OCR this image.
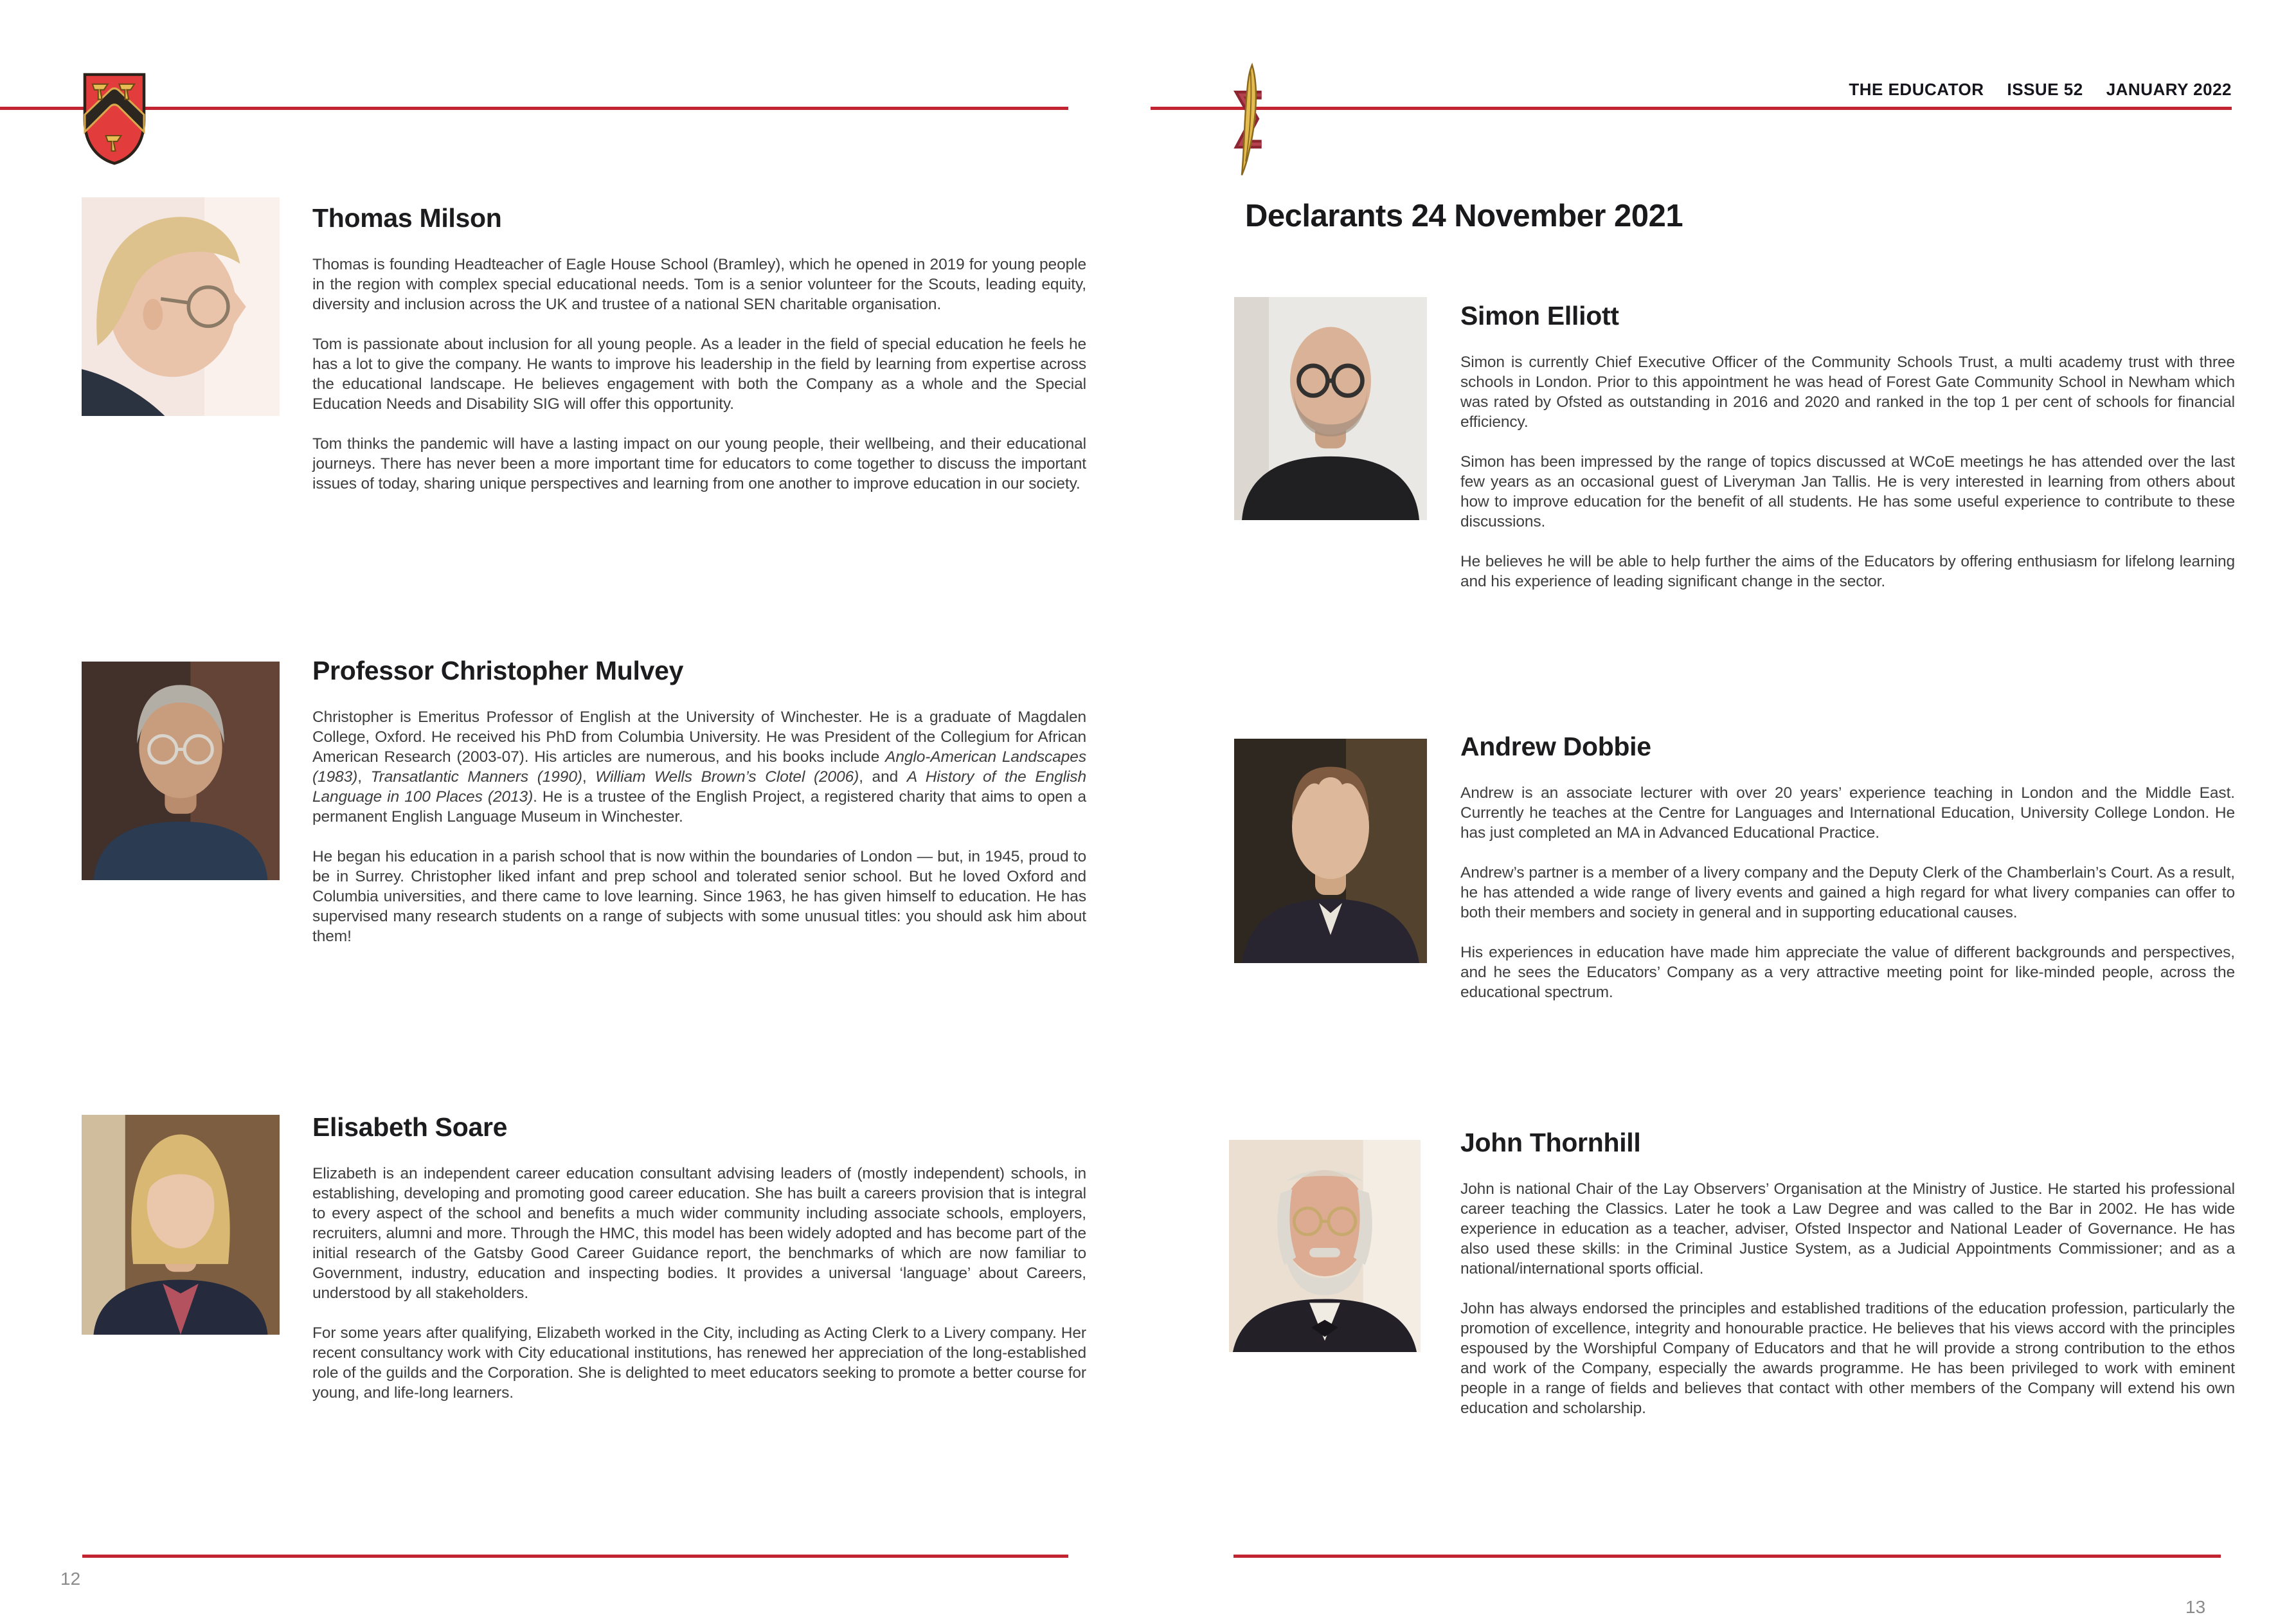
THE EDUCATOR ISSUE 52 JANUARY 2022
Thomas Milson

Thomas is founding Headteacher of Eagle House School (Bramley), which he opened in 2019 for young people in the region with complex special educational needs. Tom is a senior volunteer for the Scouts, leading equity, diversity and inclusion across the UK and trustee of a national SEN charitable organisation.

Tom is passionate about inclusion for all young people. As a leader in the field of special education he feels he has a lot to give the company. He wants to improve his leadership in the field by learning from expertise across the educational landscape. He believes engagement with both the Company as a whole and the Special Education Needs and Disability SIG will offer this opportunity.

Tom thinks the pandemic will have a lasting impact on our young people, their wellbeing, and their educational journeys. There has never been a more important time for educators to come together to discuss the important issues of today, sharing unique perspectives and learning from one another to improve education in our society.

Professor Christopher Mulvey

Christopher is Emeritus Professor of English at the University of Winchester. He is a graduate of Magdalen College, Oxford. He received his PhD from Columbia University. He was President of the Collegium for African American Research (2003-07). His articles are numerous, and his books include Anglo-American Landscapes (1983), Transatlantic Manners (1990), William Wells Brown’s Clotel (2006), and A History of the English Language in 100 Places (2013). He is a trustee of the English Project, a registered charity that aims to open a permanent English Language Museum in Winchester.

He began his education in a parish school that is now within the boundaries of London — but, in 1945, proud to be in Surrey. Christopher liked infant and prep school and tolerated senior school. But he loved Oxford and Columbia universities, and there came to love learning. Since 1963, he has given himself to education. He has supervised many research students on a range of subjects with some unusual titles: you should ask him about them!

Elisabeth Soare

Elizabeth is an independent career education consultant advising leaders of (mostly independent) schools, in establishing, developing and promoting good career education. She has built a careers provision that is integral to every aspect of the school and benefits a much wider community including associate schools, employers, recruiters, alumni and more. Through the HMC, this model has been widely adopted and has become part of the initial research of the Gatsby Good Career Guidance report, the benchmarks of which are now familiar to Government, industry, education and inspecting bodies. It provides a universal ‘language’ about Careers, understood by all stakeholders.

For some years after qualifying, Elizabeth worked in the City, including as Acting Clerk to a Livery company. Her recent consultancy work with City educational institutions, has renewed her appreciation of the long-established role of the guilds and the Corporation. She is delighted to meet educators seeking to promote a better course for young, and life-long learners.

Declarants 24 November 2021
Simon Elliott

Simon is currently Chief Executive Officer of the Community Schools Trust, a multi academy trust with three schools in London. Prior to this appointment he was head of Forest Gate Community School in Newham which was rated by Ofsted as outstanding in 2016 and 2020 and ranked in the top 1 per cent of schools for financial efficiency.

Simon has been impressed by the range of topics discussed at WCoE meetings he has attended over the last few years as an occasional guest of Liveryman Jan Tallis. He is very interested in learning from others about how to improve education for the benefit of all students. He has some useful experience to contribute to these discussions.

He believes he will be able to help further the aims of the Educators by offering enthusiasm for lifelong learning and his experience of leading significant change in the sector.

Andrew Dobbie

Andrew is an associate lecturer with over 20 years’ experience teaching in London and the Middle East. Currently he teaches at the Centre for Languages and International Education, University College London. He has just completed an MA in Advanced Educational Practice.

Andrew’s partner is a member of a livery company and the Deputy Clerk of the Chamberlain’s Court. As a result, he has attended a wide range of livery events and gained a high regard for what livery companies can offer to both their members and society in general and in supporting educational causes.

His experiences in education have made him appreciate the value of different backgrounds and perspectives, and he sees the Educators’ Company as a very attractive meeting point for like-minded people, across the educational spectrum.

John Thornhill

John is national Chair of the Lay Observers’ Organisation at the Ministry of Justice. He started his professional career teaching the Classics. Later he took a Law Degree and was called to the Bar in 2002. He has wide experience in education as a teacher, adviser, Ofsted Inspector and National Leader of Governance. He has also used these skills: in the Criminal Justice System, as a Judicial Appointments Commissioner; and as a national/international sports official.

John has always endorsed the principles and established traditions of the education profession, particularly the promotion of excellence, integrity and honourable practice. He believes that his views accord with the principles espoused by the Worshipful Company of Educators and that he will provide a strong contribution to the ethos and work of the Company, especially the awards programme. He has been privileged to work with eminent people in a range of fields and believes that contact with other members of the Company will extend his own education and scholarship.

12
13
